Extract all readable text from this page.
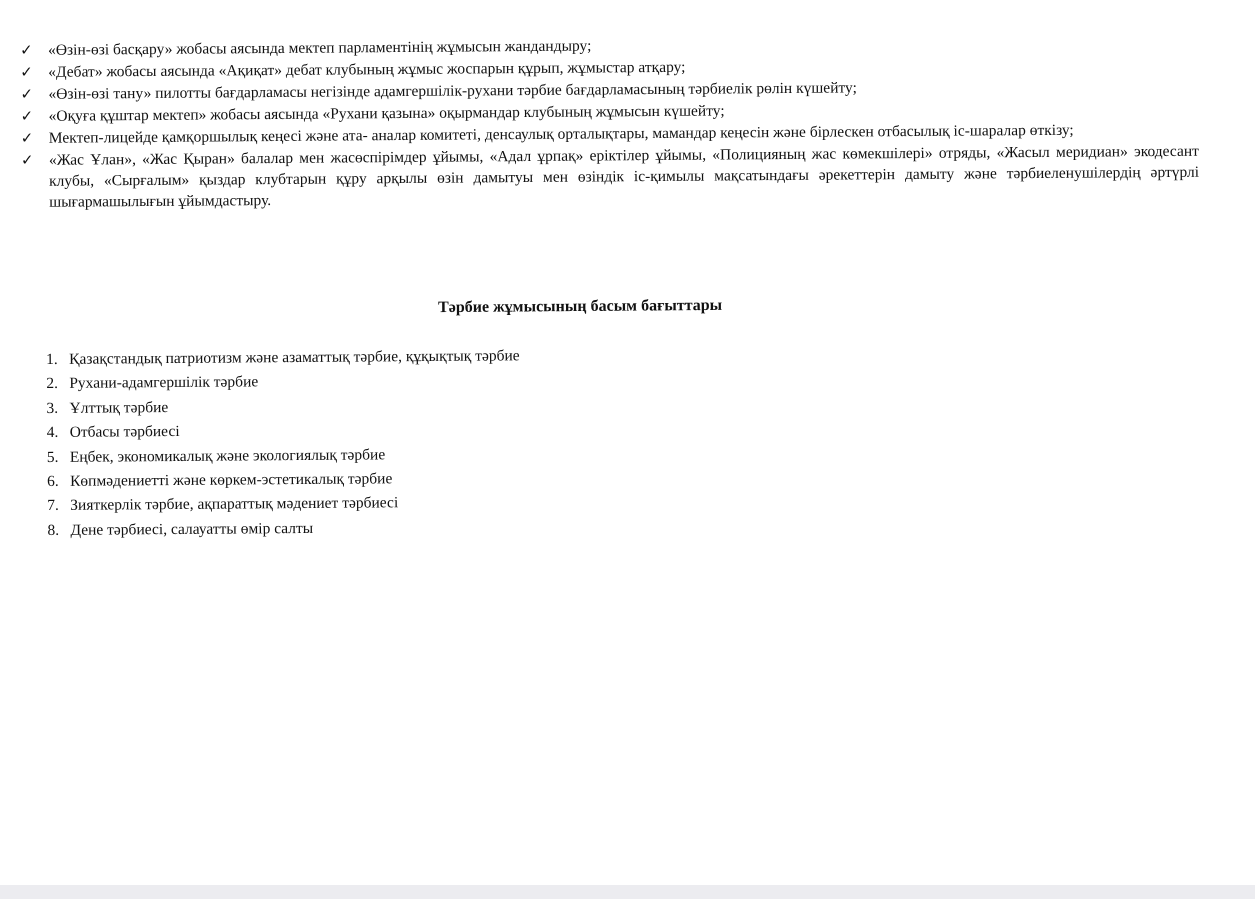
✓ «Өзін-өзі басқару» жобасы аясында мектеп парламентінің жұмысын жандандыру;
✓ «Дебат» жобасы аясында «Ақиқат» дебат клубының жұмыс жоспарын құрып, жұмыстар атқару;
✓ «Өзін-өзі тану» пилотты бағдарламасы негізінде адамгершілік-рухани тәрбие бағдарламасының тәрбиелік рөлін күшейту;
✓ «Оқуға құштар мектеп» жобасы аясында «Рухани қазына» оқырмандар клубының жұмысын күшейту;
✓ Мектеп-лицейде қамқоршылық кеңесі және ата- аналар комитеті, денсаулық орталықтары, мамандар кеңесін және бірлескен отбасылық іс-шаралар өткізу;
✓ «Жас Ұлан», «Жас Қыран» балалар мен жасөспірімдер ұйымы, «Адал ұрпақ» еріктілер ұйымы, «Полицияның жас көмекшілері» отряды, «Жасыл меридиан» экодесант клубы, «Сырғалым» қыздар клубтарын құру арқылы өзін дамытуы мен өзіндік іс-қимылы мақсатындағы әрекеттерін дамыту және тәрбиеленушілердің әртүрлі шығармашылығын ұйымдастыру.
Тәрбие жұмысының басым бағыттары
1. Қазақстандық патриотизм және азаматтық тәрбие, құқықтық тәрбие
2. Рухани-адамгершілік тәрбие
3. Ұлттық тәрбие
4. Отбасы тәрбиесі
5. Еңбек, экономикалық және экологиялық тәрбие
6. Көпмәдениетті және көркем-эстетикалық тәрбие
7. Зияткерлік тәрбие, ақпараттық мәдениет тәрбиесі
8. Дене тәрбиесі, салауатты өмір салты
